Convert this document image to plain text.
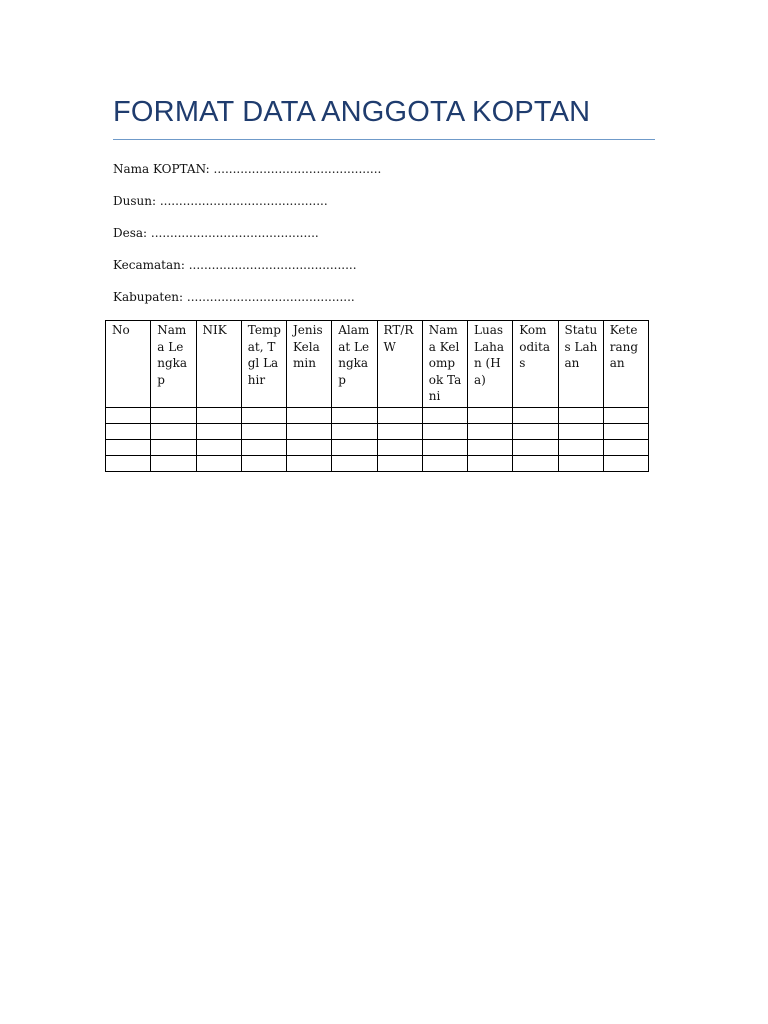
FORMAT DATA ANGGOTA KOPTAN
Nama KOPTAN: ............................................
Dusun: ............................................
Desa: ............................................
Kecamatan: ............................................
Kabupaten: ............................................
No	Nama Lengkap	NIK	Tempat, Tgl Lahir	Jenis Kelamin	Alamat Lengkap	RT/RW	Nama Kelompok Tani	Luas Lahan (Ha)	Komoditas	Status Lahan	Keterangan
